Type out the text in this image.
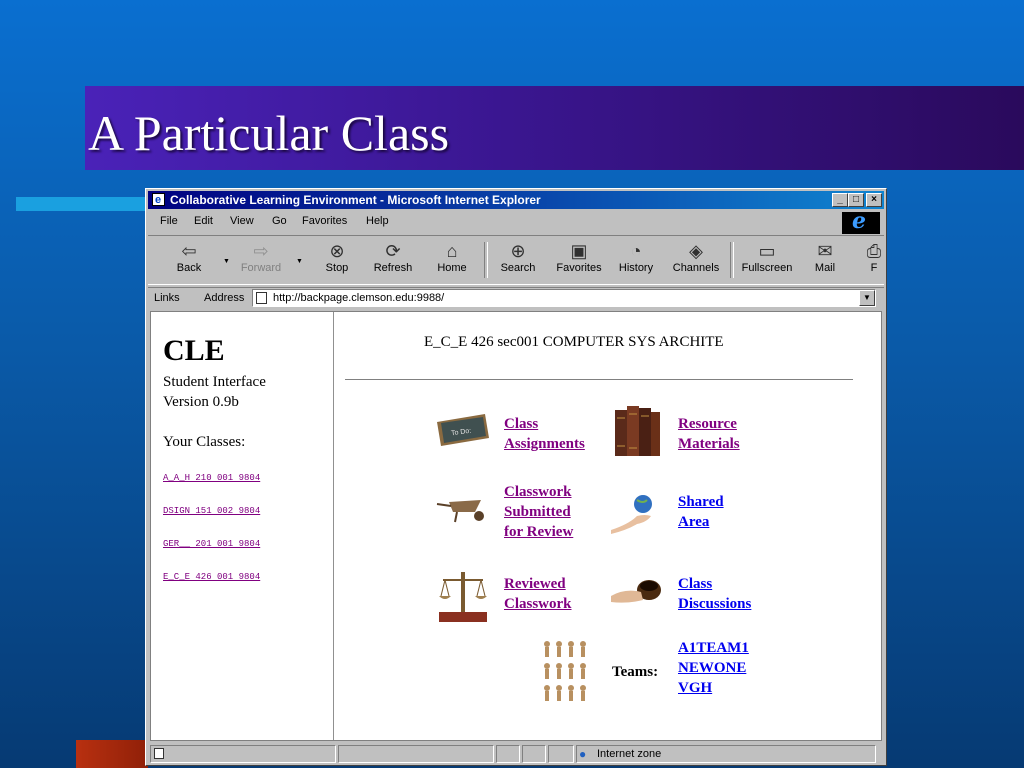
A Particular Class
e
Collaborative Learning Environment - Microsoft Internet Explorer	_	□	×
File Edit View Go Favorites Help	e
⇦
Back
▼
⇨
Forward
▼
⊗
Stop
⟳
Refresh
⌂
Home
⊕
Search
▣
Favorites
◔
History
◈
Channels
▭
Fullscreen
✉
Mail
⎙
F
Links Address	http://backpage.clemson.edu:9988/	▼
CLE
Student Interface
Version 0.9b
Your Classes:
A_A_H 210 001 9804
DSIGN 151 002 9804
GER__ 201 001 9804
E_C_E 426 001 9804
E_C_E 426 sec001 COMPUTER SYS ARCHITE
To Do:
Class
Assignments
Resource
Materials
Classwork
Submitted
for Review
Shared
Area
Reviewed
Classwork
Class
Discussions
Teams:
A1TEAM1
NEWONE
VGH
● Internet zone
